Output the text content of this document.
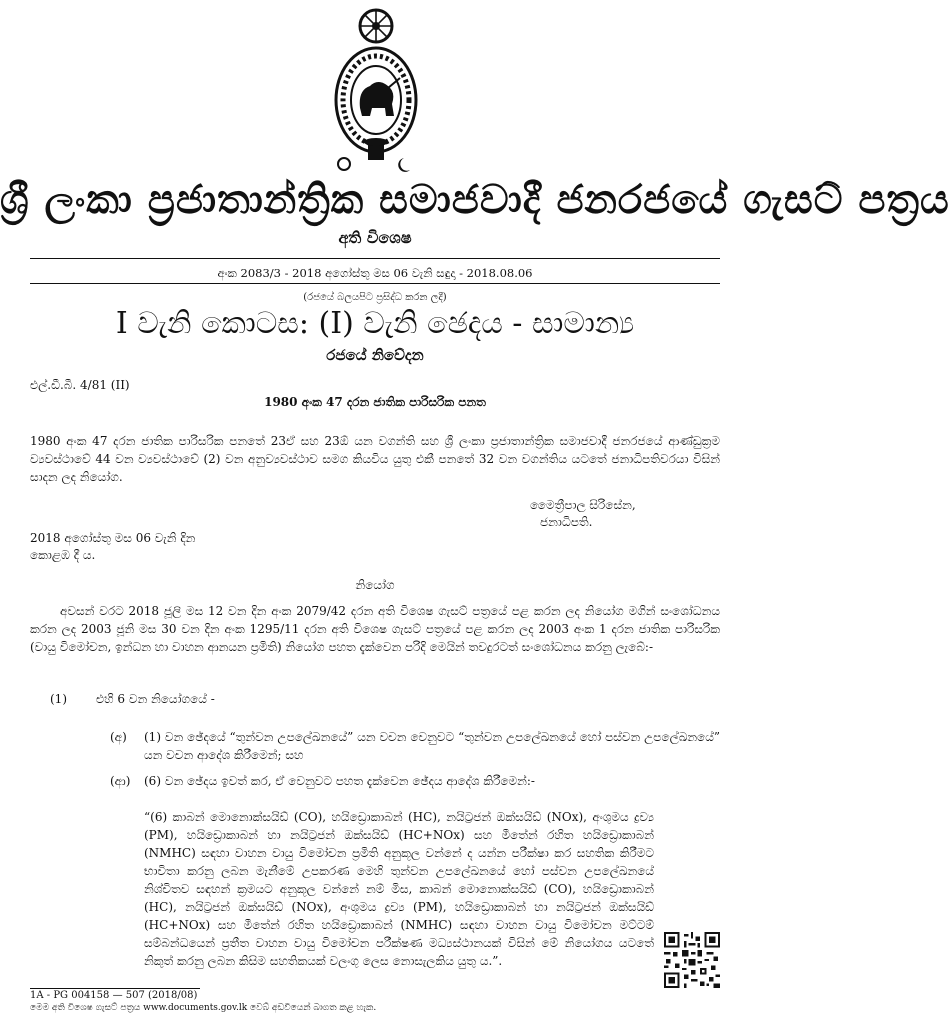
ශ්‍රී ලංකා ප්‍රජාතාන්ත්‍රික සමාජවාදී ජනරජයේ ගැසට් පත්‍රය
අති විශෙෂ
අංක 2083/3 - 2018 අගෝස්තු මස 06 වැනි සඳුදා - 2018.08.06
(රජයේ බලයපිට ප්‍රසිද්ධ කරන ලදී)
I වැනි කොටස: (I) වැනි ඡෙදය - සාමාන්‍ය
රජයේ නිවේදන
එල්.ඩී.බී. 4/81 (II)
1980 අංක 47 දරන ජාතික පාරිසරික පනත
1980 අංක 47 දරන ජාතික පාරිසරික පනතේ 23ඒ සහ 23ඕ යන වගන්ති සහ ශ්‍රී ලංකා ප්‍රජාතාන්ත්‍රික සමාජවාදී ජනරජයේ ආණ්ඩුක්‍රම ව්‍යවස්ථාවේ 44 වන ව්‍යවස්ථාවේ (2) වන අනුව්‍යවස්ථාව සමග කියවිය යුතු එකී පනතේ 32 වන වගන්තිය යටතේ ජනාධිපතිවරයා විසින් සාදන ලද නියෝග.
මෛත්‍රීපාල සිරිසේන,
ජනාධිපති.
2018 අගෝස්තු මස 06 වැනි දින
කොළඹ දී ය.
නියෝග
අවසන් වරට 2018 ජූලි මස 12 වන දින අංක 2079/42 දරන අති විශෙෂ ගැසට් පත්‍රයේ පළ කරන ලද නියෝග මගින් සංශෝධනය කරන ලද 2003 ජූනි මස 30 වන දින අංක 1295/11 දරන අති විශෙෂ ගැසට් පත්‍රයේ පළ කරන ලද 2003 අංක 1 දරන ජාතික පාරිසරික (වායු විමෝචන, ඉන්ධන හා වාහන ආනයන ප්‍රමිති) නියෝග පහත දැක්වෙන පරිදි මෙයින් තවදුරටත් සංශෝධනය කරනු ලැබේ:-
(1) එහි 6 වන නියෝගයේ -
(අ) (1) වන ඡේදයේ “තුන්වන උපලේඛනයේ” යන වචන වෙනුවට “තුන්වන උපලේඛනයේ හෝ පස්වන උපලේඛනයේ” යන වචන ආදේශ කිරීමෙන්; සහ
(ආ) (6) වන ඡේදය ඉවත් කර, ඒ වෙනුවට පහත දැක්වෙන ඡේදය ආදේශ කිරීමෙන්:-
“(6) කාබන් මොනොක්සයිඩ් (CO), හයිඩ්‍රොකාබන් (HC), නයිට්‍රජන් ඔක්සයිඩ් (NOx), අංශුමය ද්‍රව්‍ය (PM), හයිඩ්‍රොකාබන් හා නයිට්‍රජන් ඔක්සයිඩ් (HC+NOx) සහ මීතේන් රහිත හයිඩ්‍රොකාබන් (NMHC) සඳහා වාහන වායු විමෝචන ප්‍රමිති අනුකූල වන්නේ ද යන්න පරීක්ෂා කර සහතික කිරීමට භාවිතා කරනු ලබන මැනීමේ උපකරණ මෙහි තුන්වන උපලේඛනයේ හෝ පස්වන උපලේඛනයේ නිශ්චිතව සඳහන් ක්‍රමයට අනුකූල වන්නේ නම් මිස, කාබන් මොනොක්සයිඩ් (CO), හයිඩ්‍රොකාබන් (HC), නයිට්‍රජන් ඔක්සයිඩ් (NOx), අංශුමය ද්‍රව්‍ය (PM), හයිඩ්‍රොකාබන් හා නයිට්‍රජන් ඔක්සයිඩ් (HC+NOx) සහ මීතේන් රහිත හයිඩ්‍රොකාබන් (NMHC) සඳහා වාහන වායු විමෝචන මට්ටම් සම්බන්ධයෙන් ප්‍රතීත වාහන වායු විමෝචන පරීක්ෂණ මධ්‍යස්ථානයක් විසින් මේ නියෝගය යටතේ නිකුත් කරනු ලබන කිසිම සහතිකයක් වලංගු ලෙස නොසැලකිය යුතු ය.”.
1A - PG 004158 — 507 (2018/08)
මෙම අති විශෙෂ ගැසට් පත්‍රය www.documents.gov.lk වෙබ් අඩවියෙන් බාගත කළ හැක.
